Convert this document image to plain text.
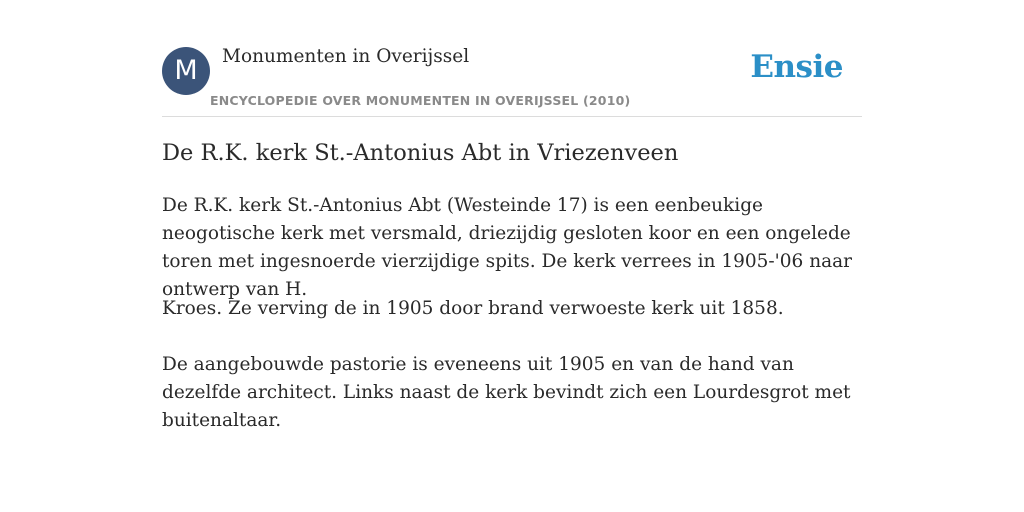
M	Monumenten in Overijssel
ENCYCLOPEDIE OVER MONUMENTEN IN OVERIJSSEL (2010)
Ensie
De R.K. kerk St.-Antonius Abt in Vriezenveen

De R.K. kerk St.-Antonius Abt (Westeinde 17) is een eenbeukige neogotische kerk met versmald, driezijdig gesloten koor en een ongelede toren met ingesnoerde vierzijdige spits. De kerk verrees in 1905-'06 naar ontwerp van H.

Kroes. Ze verving de in 1905 door brand verwoeste kerk uit 1858.

De aangebouwde pastorie is eveneens uit 1905 en van de hand van dezelfde architect. Links naast de kerk bevindt zich een Lourdesgrot met buitenaltaar.
